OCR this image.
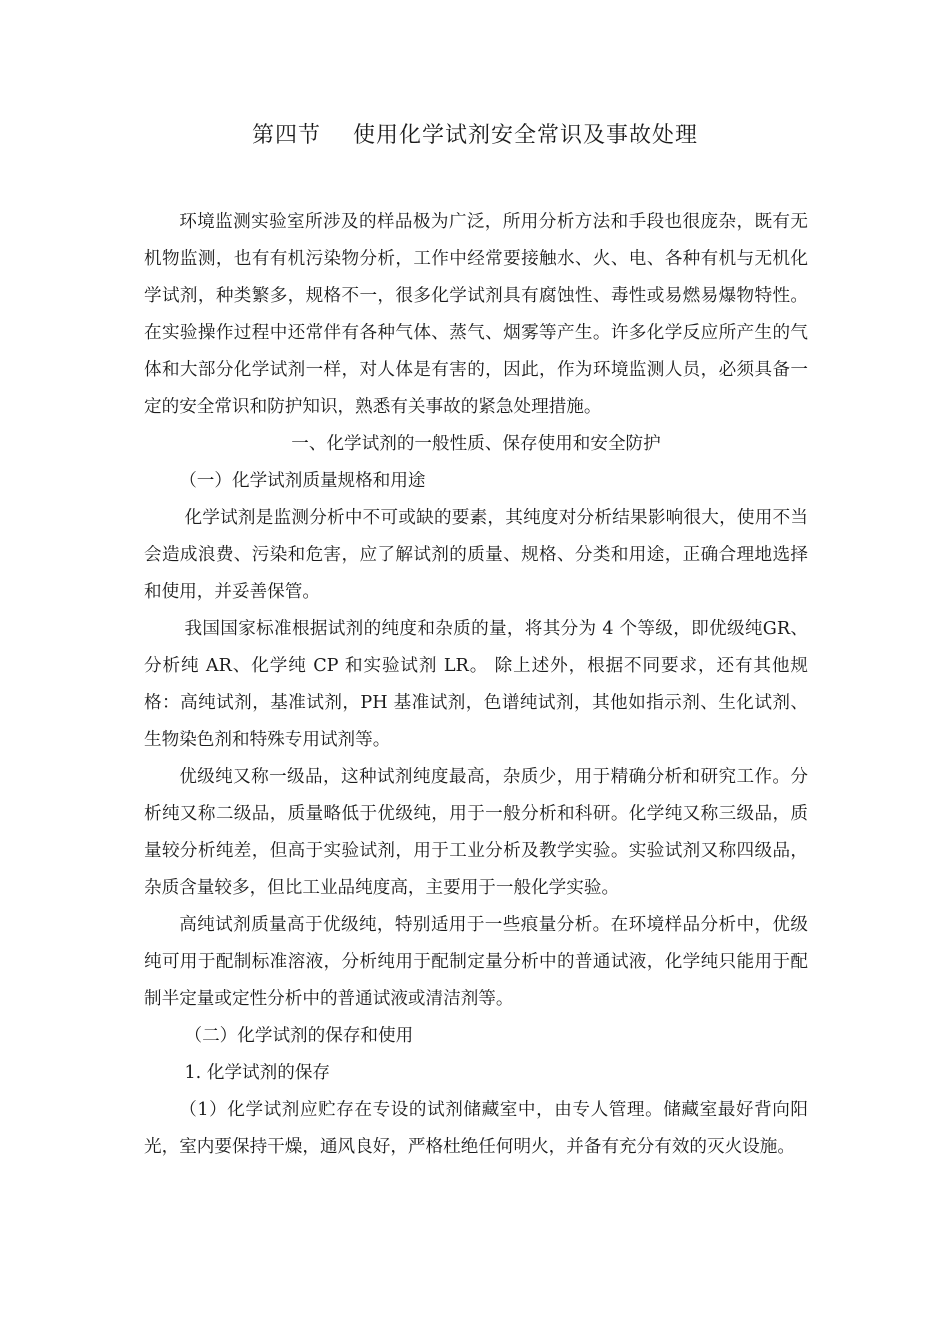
第四节    使用化学试剂安全常识及事故处理

环境监测实验室所涉及的样品极为广泛，所用分析方法和手段也很庞杂，既有无机物监测，也有有机污染物分析，工作中经常要接触水、火、电、各种有机与无机化学试剂，种类繁多，规格不一，很多化学试剂具有腐蚀性、毒性或易燃易爆物特性。在实验操作过程中还常伴有各种气体、蒸气、烟雾等产生。许多化学反应所产生的气体和大部分化学试剂一样，对人体是有害的，因此，作为环境监测人员，必须具备一定的安全常识和防护知识，熟悉有关事故的紧急处理措施。

一、化学试剂的一般性质、保存使用和安全防护

（一）化学试剂质量规格和用途

化学试剂是监测分析中不可或缺的要素，其纯度对分析结果影响很大，使用不当会造成浪费、污染和危害，应了解试剂的质量、规格、分类和用途，正确合理地选择和使用，并妥善保管。

我国国家标准根据试剂的纯度和杂质的量，将其分为 4 个等级，即优级纯GR、分析纯 AR、化学纯 CP 和实验试剂 LR。 除上述外，根据不同要求，还有其他规格：高纯试剂，基准试剂，PH 基准试剂，色谱纯试剂，其他如指示剂、生化试剂、生物染色剂和特殊专用试剂等。

优级纯又称一级品，这种试剂纯度最高，杂质少，用于精确分析和研究工作。分析纯又称二级品，质量略低于优级纯，用于一般分析和科研。化学纯又称三级品，质量较分析纯差，但高于实验试剂，用于工业分析及教学实验。实验试剂又称四级品，杂质含量较多，但比工业品纯度高，主要用于一般化学实验。

高纯试剂质量高于优级纯，特别适用于一些痕量分析。在环境样品分析中，优级纯可用于配制标准溶液，分析纯用于配制定量分析中的普通试液，化学纯只能用于配制半定量或定性分析中的普通试液或清洁剂等。

（二）化学试剂的保存和使用

1. 化学试剂的保存

（1）化学试剂应贮存在专设的试剂储藏室中，由专人管理。储藏室最好背向阳光，室内要保持干燥，通风良好，严格杜绝任何明火，并备有充分有效的灭火设施。
